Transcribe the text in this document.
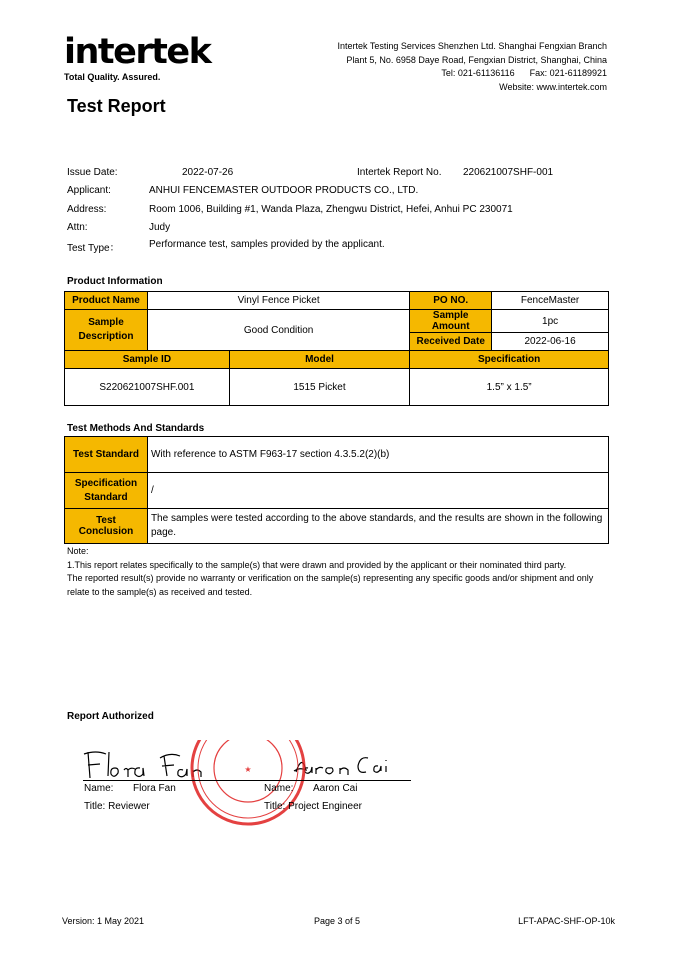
intertek
Total Quality. Assured.
Intertek Testing Services Shenzhen Ltd. Shanghai Fengxian Branch
Plant 5, No. 6958 Daye Road, Fengxian District, Shanghai, China
Tel: 021-61136116      Fax: 021-61189921
Website: www.intertek.com
Test Report
Issue Date:	2022-07-26	Intertek Report No. 220621007SHF-001
Applicant:	ANHUI FENCEMASTER OUTDOOR PRODUCTS CO., LTD.
Address:	Room 1006, Building #1, Wanda Plaza, Zhengwu District, Hefei, Anhui PC 230071
Attn:	Judy
Test Type：	Performance test, samples provided by the applicant.
Product Information
Product Name	Vinyl Fence Picket		PO NO.	FenceMaster

Sample
Description	Good Condition		Sample Amount	1pc
			Received Date	2022-06-16
Sample ID		Model	Specification	
S220621007SHF.001		1515 Picket	1.5” x 1.5”	
Test Methods And Standards
Test Standard	With reference to ASTM F963-17 section 4.3.5.2(2)(b)

Specification
Standard	/
Test Conclusion	The samples were tested according to the above standards, and the results are shown in the following page.
Note:
1.This report relates specifically to the sample(s) that were drawn and provided by the applicant or their nominated third party.
The reported result(s) provide no warranty or verification on the sample(s) representing any specific goods and/or shipment and only relate to the sample(s) as received and tested.
Report Authorized
★
Name: Flora Fan
Title: Reviewer
Name: Aaron Cai
Title: Project Engineer
Version: 1 May 2021	Page 3 of 5	LFT-APAC-SHF-OP-10k
